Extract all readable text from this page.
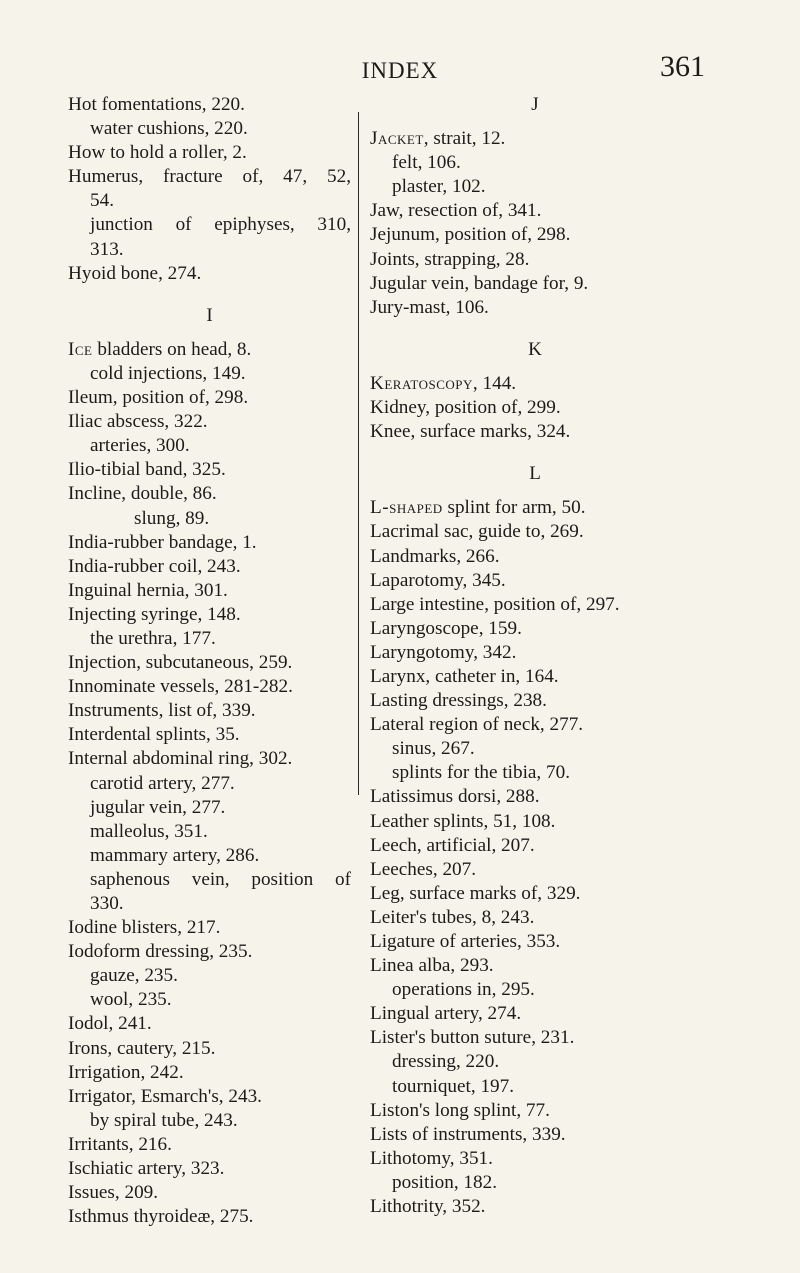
INDEX	361
Hot fomentations, 220.
water cushions, 220.
How to hold a roller, 2.
Humerus, fracture of, 47, 52,
54.
junction of epiphyses, 310,
313.
Hyoid bone, 274.
I
Ice bladders on head, 8.
cold injections, 149.
Ileum, position of, 298.
Iliac abscess, 322.
arteries, 300.
Ilio-tibial band, 325.
Incline, double, 86.
slung, 89.
India-rubber bandage, 1.
India-rubber coil, 243.
Inguinal hernia, 301.
Injecting syringe, 148.
the urethra, 177.
Injection, subcutaneous, 259.
Innominate vessels, 281-282.
Instruments, list of, 339.
Interdental splints, 35.
Internal abdominal ring, 302.
carotid artery, 277.
jugular vein, 277.
malleolus, 351.
mammary artery, 286.
saphenous vein, position of
330.
Iodine blisters, 217.
Iodoform dressing, 235.
gauze, 235.
wool, 235.
Iodol, 241.
Irons, cautery, 215.
Irrigation, 242.
Irrigator, Esmarch's, 243.
by spiral tube, 243.
Irritants, 216.
Ischiatic artery, 323.
Issues, 209.
Isthmus thyroideæ, 275.
J
Jacket, strait, 12.
felt, 106.
plaster, 102.
Jaw, resection of, 341.
Jejunum, position of, 298.
Joints, strapping, 28.
Jugular vein, bandage for, 9.
Jury-mast, 106.
K
Keratoscopy, 144.
Kidney, position of, 299.
Knee, surface marks, 324.
L
L-shaped splint for arm, 50.
Lacrimal sac, guide to, 269.
Landmarks, 266.
Laparotomy, 345.
Large intestine, position of, 297.
Laryngoscope, 159.
Laryngotomy, 342.
Larynx, catheter in, 164.
Lasting dressings, 238.
Lateral region of neck, 277.
sinus, 267.
splints for the tibia, 70.
Latissimus dorsi, 288.
Leather splints, 51, 108.
Leech, artificial, 207.
Leeches, 207.
Leg, surface marks of, 329.
Leiter's tubes, 8, 243.
Ligature of arteries, 353.
Linea alba, 293.
operations in, 295.
Lingual artery, 274.
Lister's button suture, 231.
dressing, 220.
tourniquet, 197.
Liston's long splint, 77.
Lists of instruments, 339.
Lithotomy, 351.
position, 182.
Lithotrity, 352.
